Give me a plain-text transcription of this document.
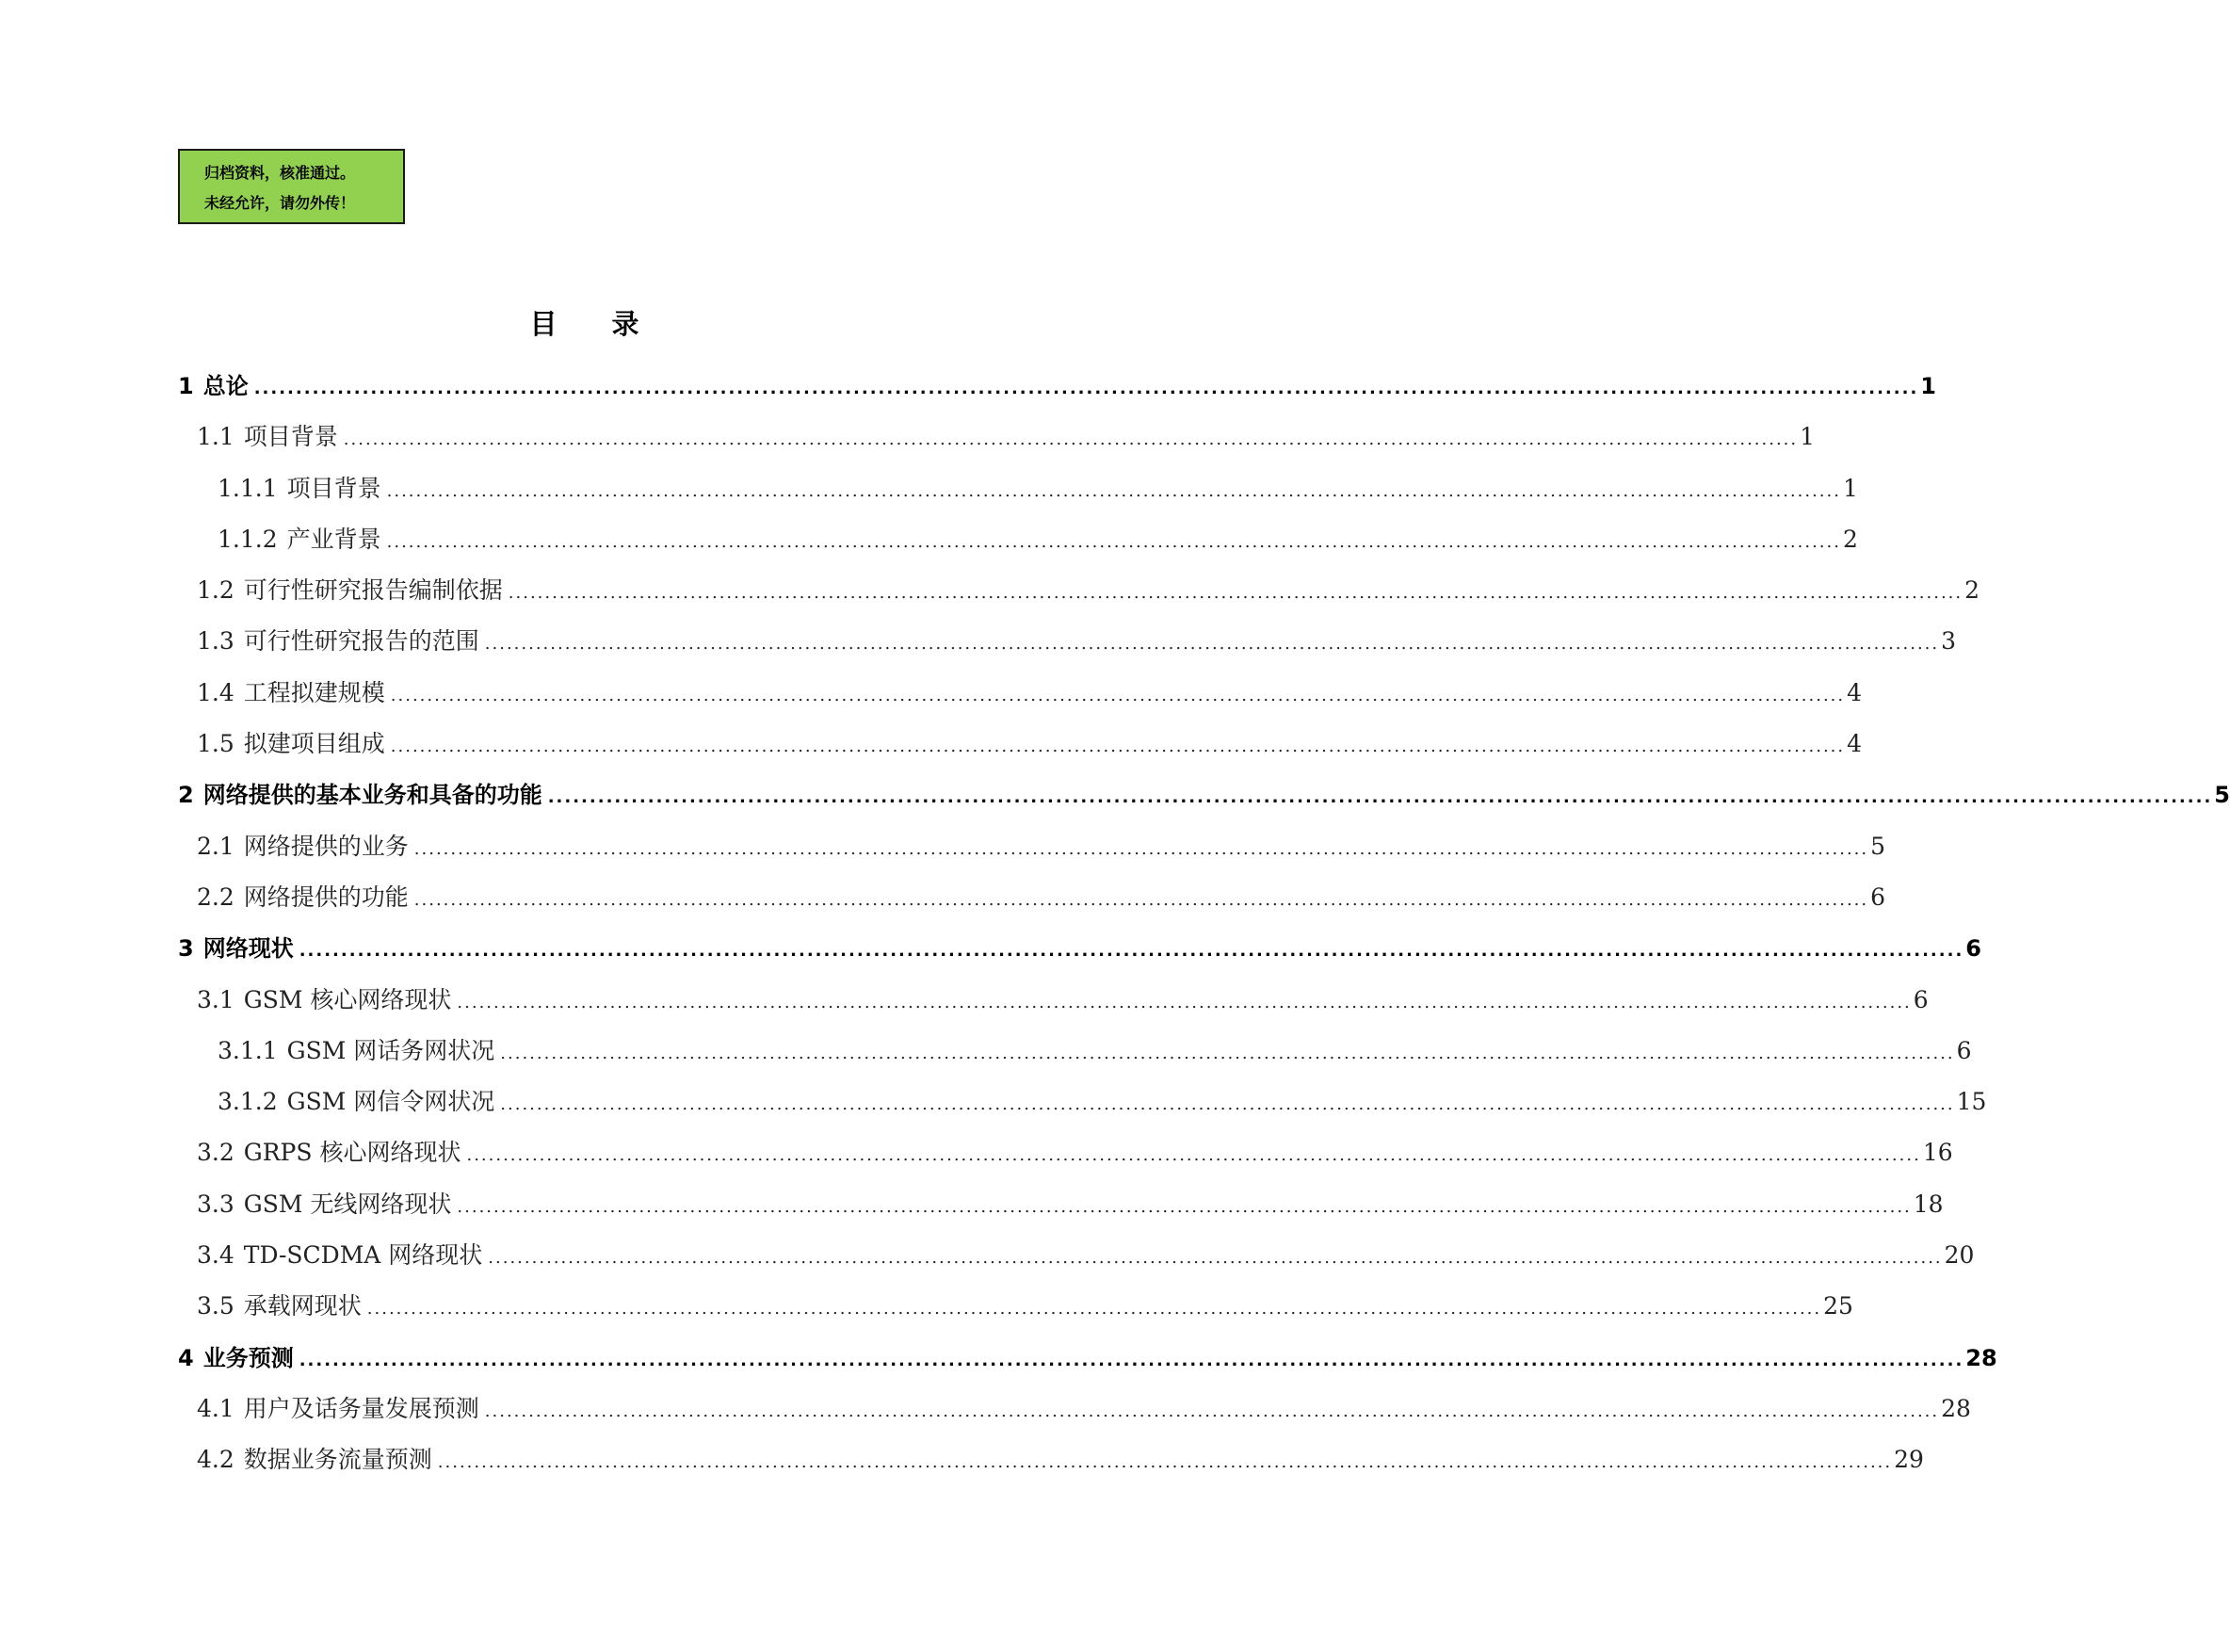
归档资料，核准通过。
未经允许，请勿外传！
目 录
1 总论 ........................................................................................................................................................................................................ 1
1.1 项目背景 ........................................................................................................................................................................................................ 1
1.1.1 项目背景 ........................................................................................................................................................................................................ 1
1.1.2 产业背景 ........................................................................................................................................................................................................ 2
1.2 可行性研究报告编制依据 ........................................................................................................................................................................................................ 2
1.3 可行性研究报告的范围 ........................................................................................................................................................................................................ 3
1.4 工程拟建规模 ........................................................................................................................................................................................................ 4
1.5 拟建项目组成 ........................................................................................................................................................................................................ 4
2 网络提供的基本业务和具备的功能 ........................................................................................................................................................................................................ 5
2.1 网络提供的业务 ........................................................................................................................................................................................................ 5
2.2 网络提供的功能 ........................................................................................................................................................................................................ 6
3 网络现状 ........................................................................................................................................................................................................ 6
3.1 GSM 核心网络现状 ........................................................................................................................................................................................................ 6
3.1.1 GSM 网话务网状况 ........................................................................................................................................................................................................ 6
3.1.2 GSM 网信令网状况 ........................................................................................................................................................................................................ 15
3.2 GRPS 核心网络现状 ........................................................................................................................................................................................................ 16
3.3 GSM 无线网络现状 ........................................................................................................................................................................................................ 18
3.4 TD-SCDMA 网络现状 ........................................................................................................................................................................................................ 20
3.5 承载网现状 ........................................................................................................................................................................................................ 25
4 业务预测 ........................................................................................................................................................................................................ 28
4.1 用户及话务量发展预测 ........................................................................................................................................................................................................ 28
4.2 数据业务流量预测 ........................................................................................................................................................................................................ 29
